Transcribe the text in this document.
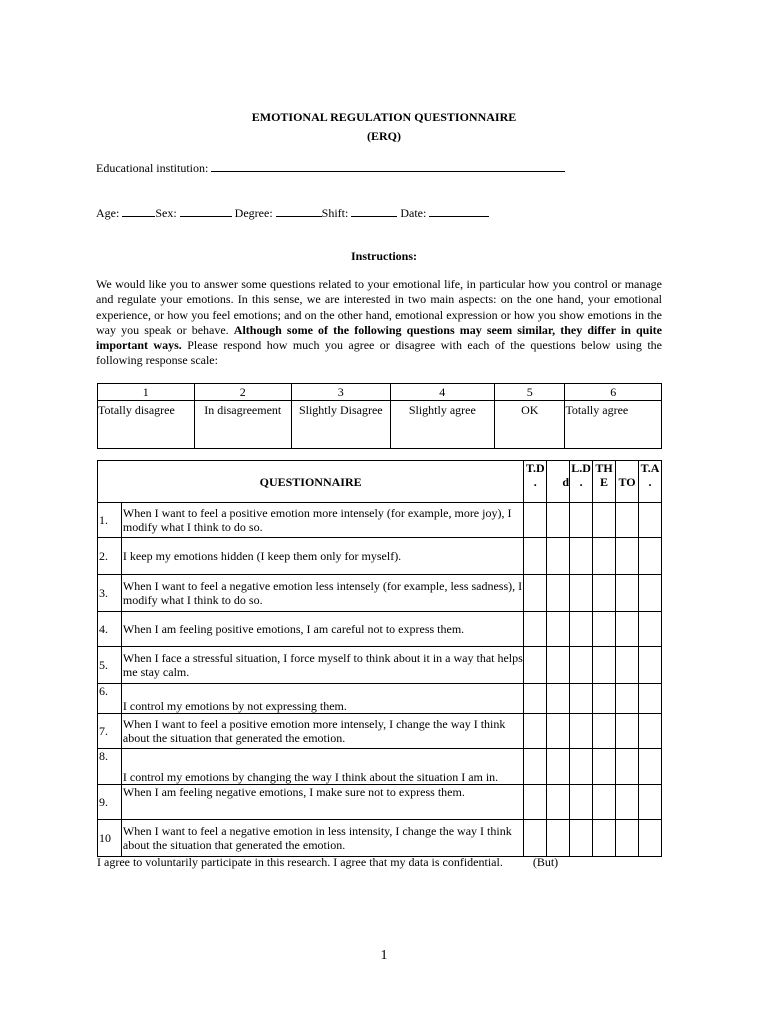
EMOTIONAL REGULATION QUESTIONNAIRE
(ERQ)
Educational institution:
Age:	Sex:	Degree:	Shift:	Date:
Instructions:
We would like you to answer some questions related to your emotional life, in particular how you control or manage and regulate your emotions. In this sense, we are interested in two main aspects: on the one hand, your emotional experience, or how you feel emotions; and on the other hand, emotional expression or how you show emotions in the way you speak or behave. Although some of the following questions may seem similar, they differ in quite important ways. Please respond how much you agree or disagree with each of the questions below using the following response scale:
1	2	3	4	5	6
Totally disagree	In disagreement	Slightly Disagree	Slightly agree	OK	Totally agree
QUESTIONNAIRE		T.D .	d	L.D .	TH E	TO	T.A .
1.	When I want to feel a positive emotion more intensely (for example, more joy), I modify what I think to do so.						
2.	I keep my emotions hidden (I keep them only for myself).						
3.	When I want to feel a negative emotion less intensely (for example, less sadness), I modify what I think to do so.						
4.	When I am feeling positive emotions, I am careful not to express them.						
5.	When I face a stressful situation, I force myself to think about it in a way that helps me stay calm.						
6.	I control my emotions by not expressing them.						
7.	When I want to feel a positive emotion more intensely, I change the way I think about the situation that generated the emotion.						
8.	I control my emotions by changing the way I think about the situation I am in.						
9.	When I am feeling negative emotions, I make sure not to express them.						
10	When I want to feel a negative emotion in less intensity, I change the way I think about the situation that generated the emotion.						
I agree to voluntarily participate in this research. I agree that my data is confidential.	(But)
1
